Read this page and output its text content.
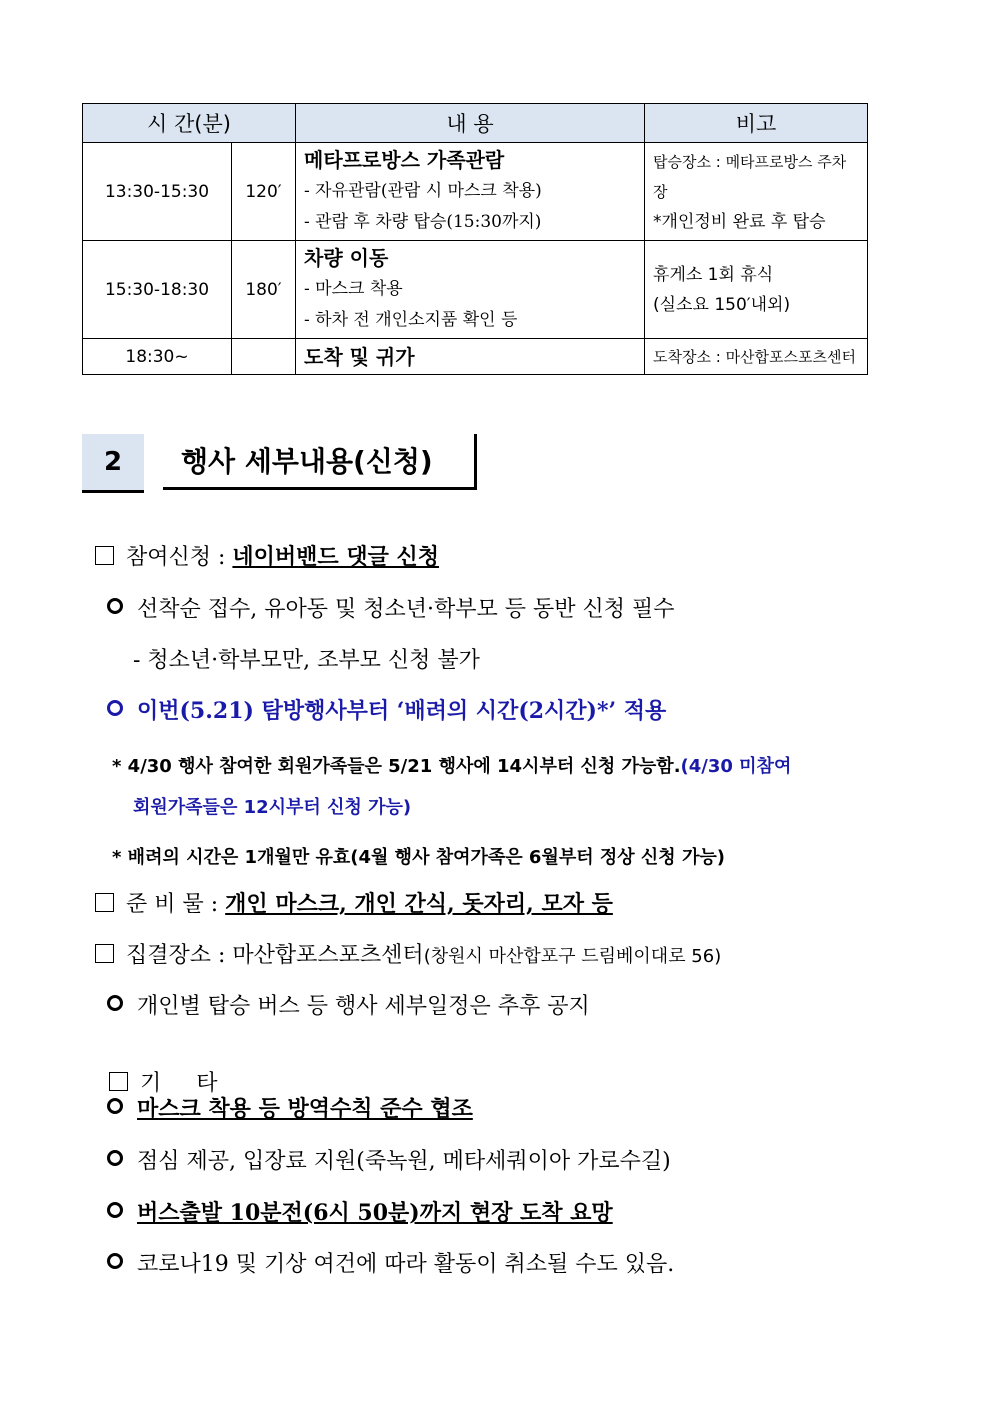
시 간(분)		내 용	비고
13:30-15:30	120′	메타프로방스 가족관람
- 자유관람(관람 시 마스크 착용)
- 관람 후 차량 탑승(15:30까지)	탑승장소 : 메타프로방스 주차장
*개인정비 완료 후 탑승

15:30-18:30	180′	차량 이동
- 마스크 착용
- 하차 전 개인소지품 확인 등	휴게소 1회 휴식
(실소요 150′내외)

18:30~		도착 및 귀가	도착장소 : 마산합포스포츠센터
2	행사 세부내용(신청)
참여신청 : 네이버밴드 댓글 신청
선착순 접수, 유아동 및 청소년·학부모 등 동반 신청 필수
- 청소년·학부모만, 조부모 신청 불가
이번(5.21) 탐방행사부터 ‘배려의 시간(2시간)*’ 적용
* 4/30 행사 참여한 회원가족들은 5/21 행사에 14시부터 신청 가능함.(4/30 미참여
회원가족들은 12시부터 신청 가능)
* 배려의 시간은 1개월만 유효(4월 행사 참여가족은 6월부터 정상 신청 가능)
준 비 물 : 개인 마스크, 개인 간식, 돗자리, 모자 등
집결장소 : 마산합포스포츠센터(창원시 마산합포구 드림베이대로 56)
개인별 탑승 버스 등 행사 세부일정은 추후 공지

기     타

마스크 착용 등 방역수칙 준수 협조
점심 제공, 입장료 지원(죽녹원, 메타세쿼이아 가로수길)
버스출발 10분전(6시 50분)까지 현장 도착 요망
코로나19 및 기상 여건에 따라 활동이 취소될 수도 있음.
